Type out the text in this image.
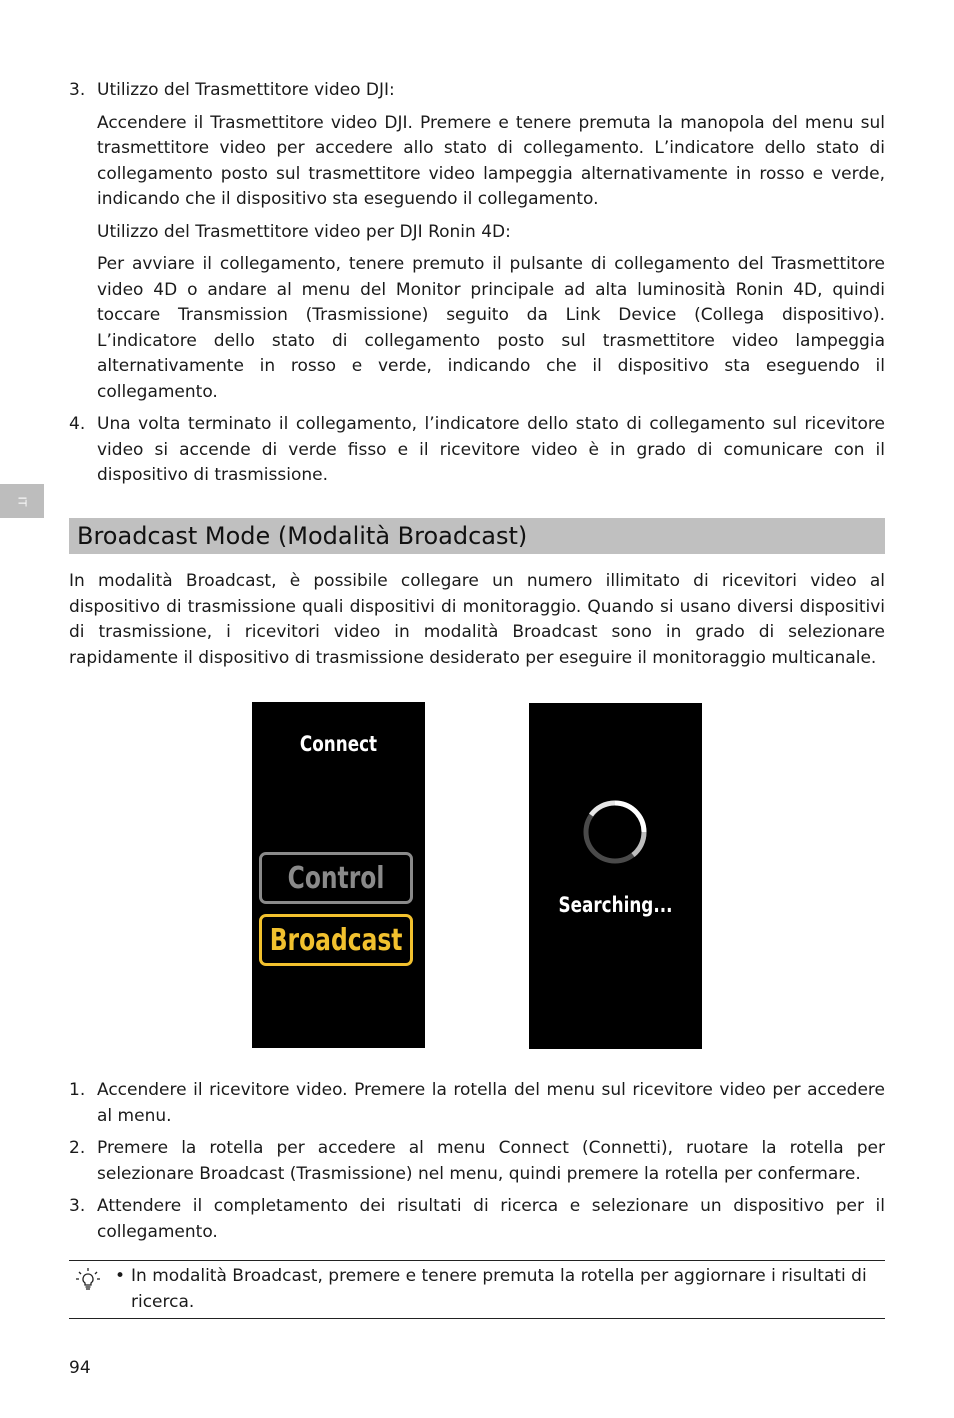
3. Utilizzo del Trasmettitore video DJI:

Accendere il Trasmettitore video DJI. Premere e tenere premuta la manopola del menu sul trasmettitore video per accedere allo stato di collegamento. L’indicatore dello stato di collegamento posto sul trasmettitore video lampeggia alternativamente in rosso e verde, indicando che il dispositivo sta eseguendo il collegamento.

Utilizzo del Trasmettitore video per DJI Ronin 4D:

Per avviare il collegamento, tenere premuto il pulsante di collegamento del Trasmettitore video 4D o andare al menu del Monitor principale ad alta luminosità Ronin 4D, quindi toccare Transmission (Trasmissione) seguito da Link Device (Collega dispositivo). L’indicatore dello stato di collegamento posto sul trasmettitore video lampeggia alternativamente in rosso e verde, indicando che il dispositivo sta eseguendo il collegamento.

4. Una volta terminato il collegamento, l’indicatore dello stato di collegamento sul ricevitore video si accende di verde fisso e il ricevitore video è in grado di comunicare con il dispositivo di trasmissione.

IT
Broadcast Mode (Modalità Broadcast)

In modalità Broadcast, è possibile collegare un numero illimitato di ricevitori video al dispositivo di trasmissione quali dispositivi di monitoraggio. Quando si usano diversi dispositivi di trasmissione, i ricevitori video in modalità Broadcast sono in grado di selezionare rapidamente il dispositivo di trasmissione desiderato per eseguire il monitoraggio multicanale.

Connect
Control
Broadcast
Searching...
1. Accendere il ricevitore video. Premere la rotella del menu sul ricevitore video per accedere al menu.

2. Premere la rotella per accedere al menu Connect (Connetti), ruotare la rotella per selezionare Broadcast (Trasmissione) nel menu, quindi premere la rotella per confermare.

3. Attendere il completamento dei risultati di ricerca e selezionare un dispositivo per il collegamento.

• In modalità Broadcast, premere e tenere premuta la rotella per aggiornare i risultati di ricerca.

94
